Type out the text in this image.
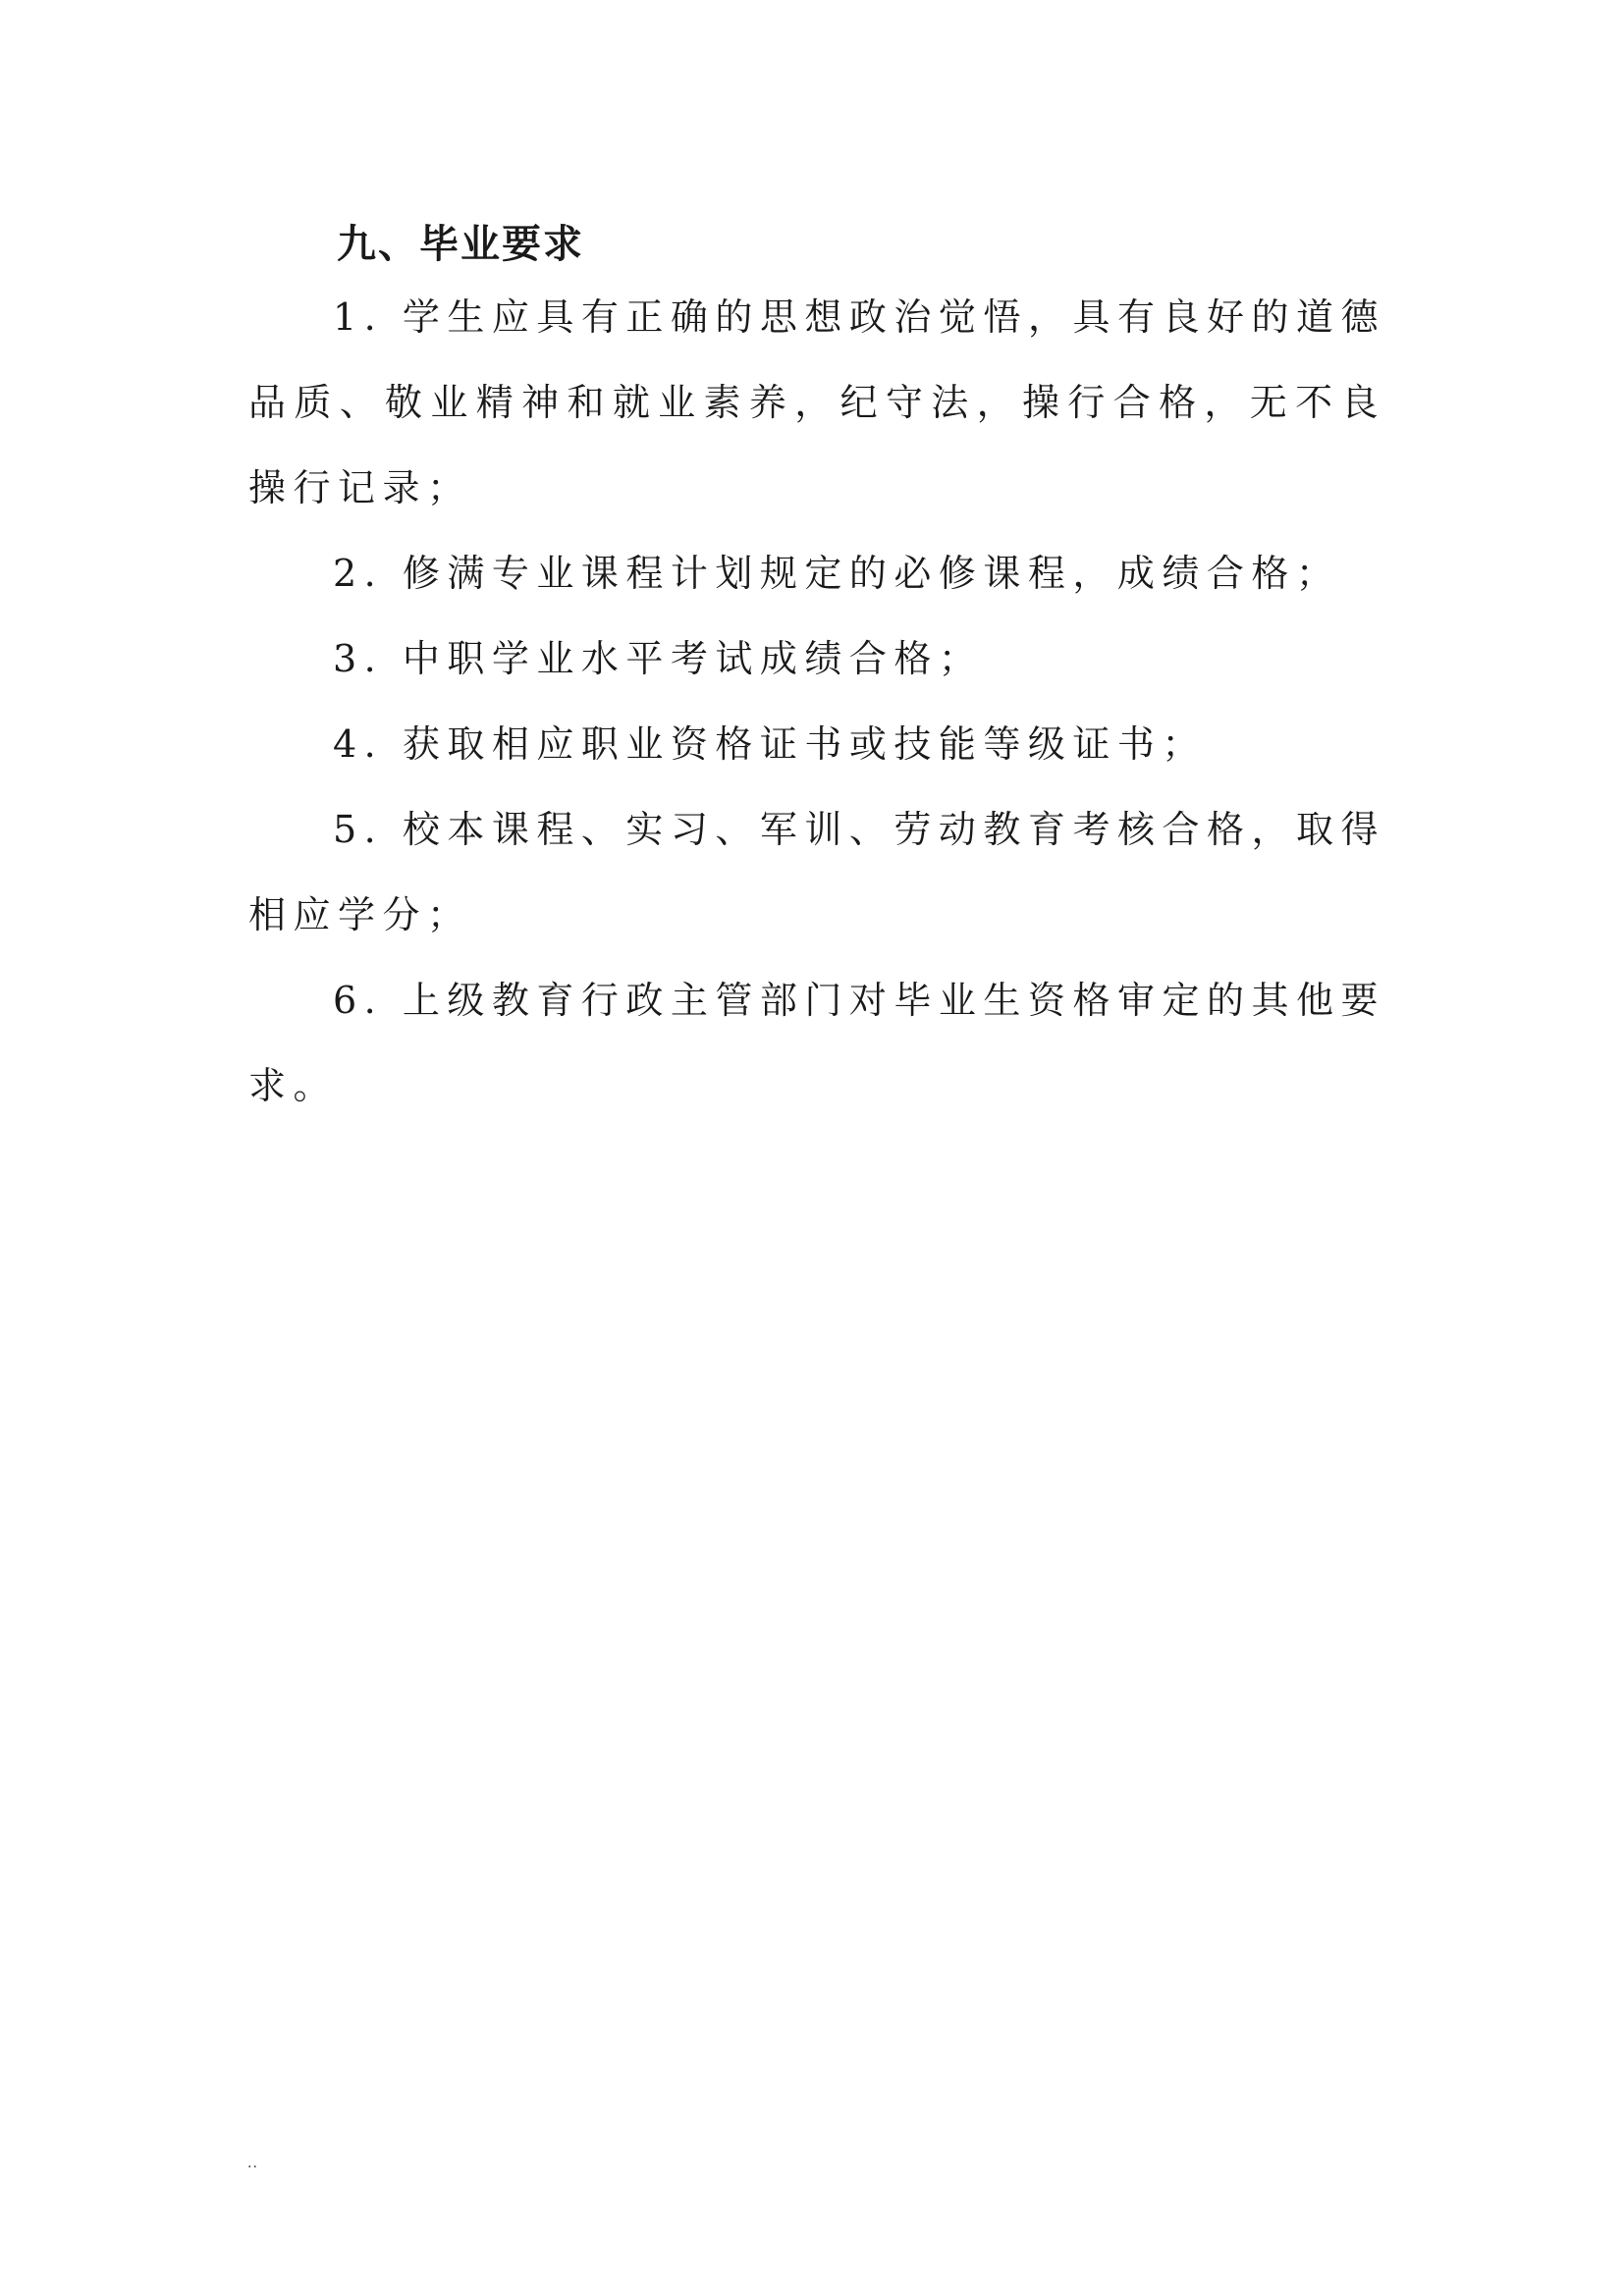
九、毕业要求

1. 学生应具有正确的思想政治觉悟，具有良好的道德品质、敬业精神和就业素养，纪守法，操行合格，无不良操行记录；

2. 修满专业课程计划规定的必修课程，成绩合格；

3. 中职学业水平考试成绩合格；

4. 获取相应职业资格证书或技能等级证书；

5. 校本课程、实习、军训、劳动教育考核合格，取得相应学分；

6. 上级教育行政主管部门对毕业生资格审定的其他要求。

..
